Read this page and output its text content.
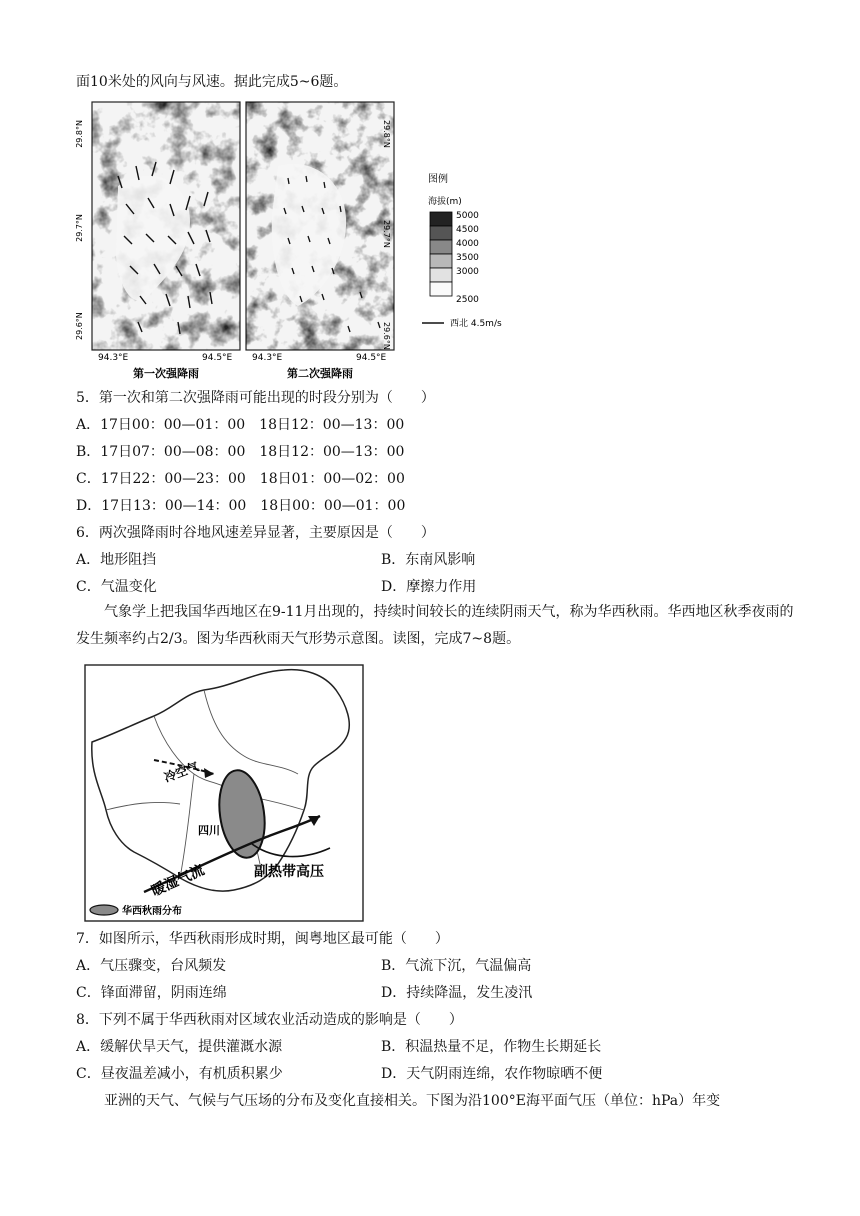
面10米处的风向与风速。据此完成5~6题。
29.8°N
29.7°N
29.6°N
94.3°E	94.5°E
第一次强降雨
29.8°N
29.7°N
29.6°N
94.3°E	94.5°E
第二次强降雨
图例
海拔(m)
5000
4500
4000
3500
3000
2500
西北 4.5m/s
5．第一次和第二次强降雨可能出现的时段分别为（　　）
A．17日00：00—01：00　18日12：00—13：00
B．17日07：00—08：00　18日12：00—13：00
C．17日22：00—23：00　18日01：00—02：00
D．17日13：00—14：00　18日00：00—01：00
6．两次强降雨时谷地风速差异显著，主要原因是（　　）
A．地形阻挡	B．东南风影响
C．气温变化	D．摩擦力作用
气象学上把我国华西地区在9-11月出现的，持续时间较长的连续阴雨天气，称为华西秋雨。华西地区秋季夜雨的发生频率约占2/3。图为华西秋雨天气形势示意图。读图，完成7~8题。
冷空气
四川
暖湿气流	副热带高压
华西秋雨分布
7．如图所示，华西秋雨形成时期，闽粤地区最可能（　　）
A．气压骤变，台风频发	B．气流下沉，气温偏高
C．锋面滞留，阴雨连绵	D．持续降温，发生凌汛
8．下列不属于华西秋雨对区域农业活动造成的影响是（　　）
A．缓解伏旱天气，提供灌溉水源	B．积温热量不足，作物生长期延长
C．昼夜温差减小，有机质积累少	D．天气阴雨连绵，农作物晾晒不便
亚洲的天气、气候与气压场的分布及变化直接相关。下图为沿100°E海平面气压（单位：hPa）年变
